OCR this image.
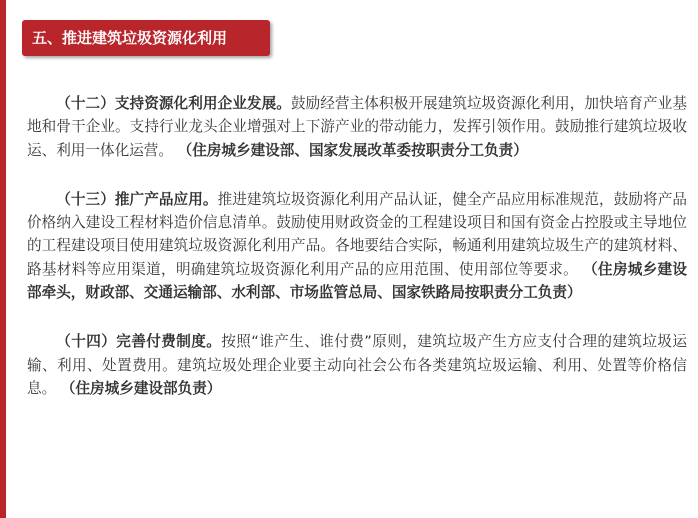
五、推进建筑垃圾资源化利用

（十二）支持资源化利用企业发展。鼓励经营主体积极开展建筑垃圾资源化利用，加快培育产业基地和骨干企业。支持行业龙头企业增强对上下游产业的带动能力，发挥引领作用。鼓励推行建筑垃圾收运、利用一体化运营。 （住房城乡建设部、国家发展改革委按职责分工负责）

（十三）推广产品应用。推进建筑垃圾资源化利用产品认证，健全产品应用标准规范，鼓励将产品价格纳入建设工程材料造价信息清单。鼓励使用财政资金的工程建设项目和国有资金占控股或主导地位的工程建设项目使用建筑垃圾资源化利用产品。各地要结合实际，畅通利用建筑垃圾生产的建筑材料、路基材料等应用渠道，明确建筑垃圾资源化利用产品的应用范围、使用部位等要求。 （住房城乡建设部牵头，财政部、交通运输部、水利部、市场监管总局、国家铁路局按职责分工负责）

（十四）完善付费制度。按照“谁产生、谁付费”原则，建筑垃圾产生方应支付合理的建筑垃圾运输、利用、处置费用。建筑垃圾处理企业要主动向社会公布各类建筑垃圾运输、利用、处置等价格信息。 （住房城乡建设部负责）
